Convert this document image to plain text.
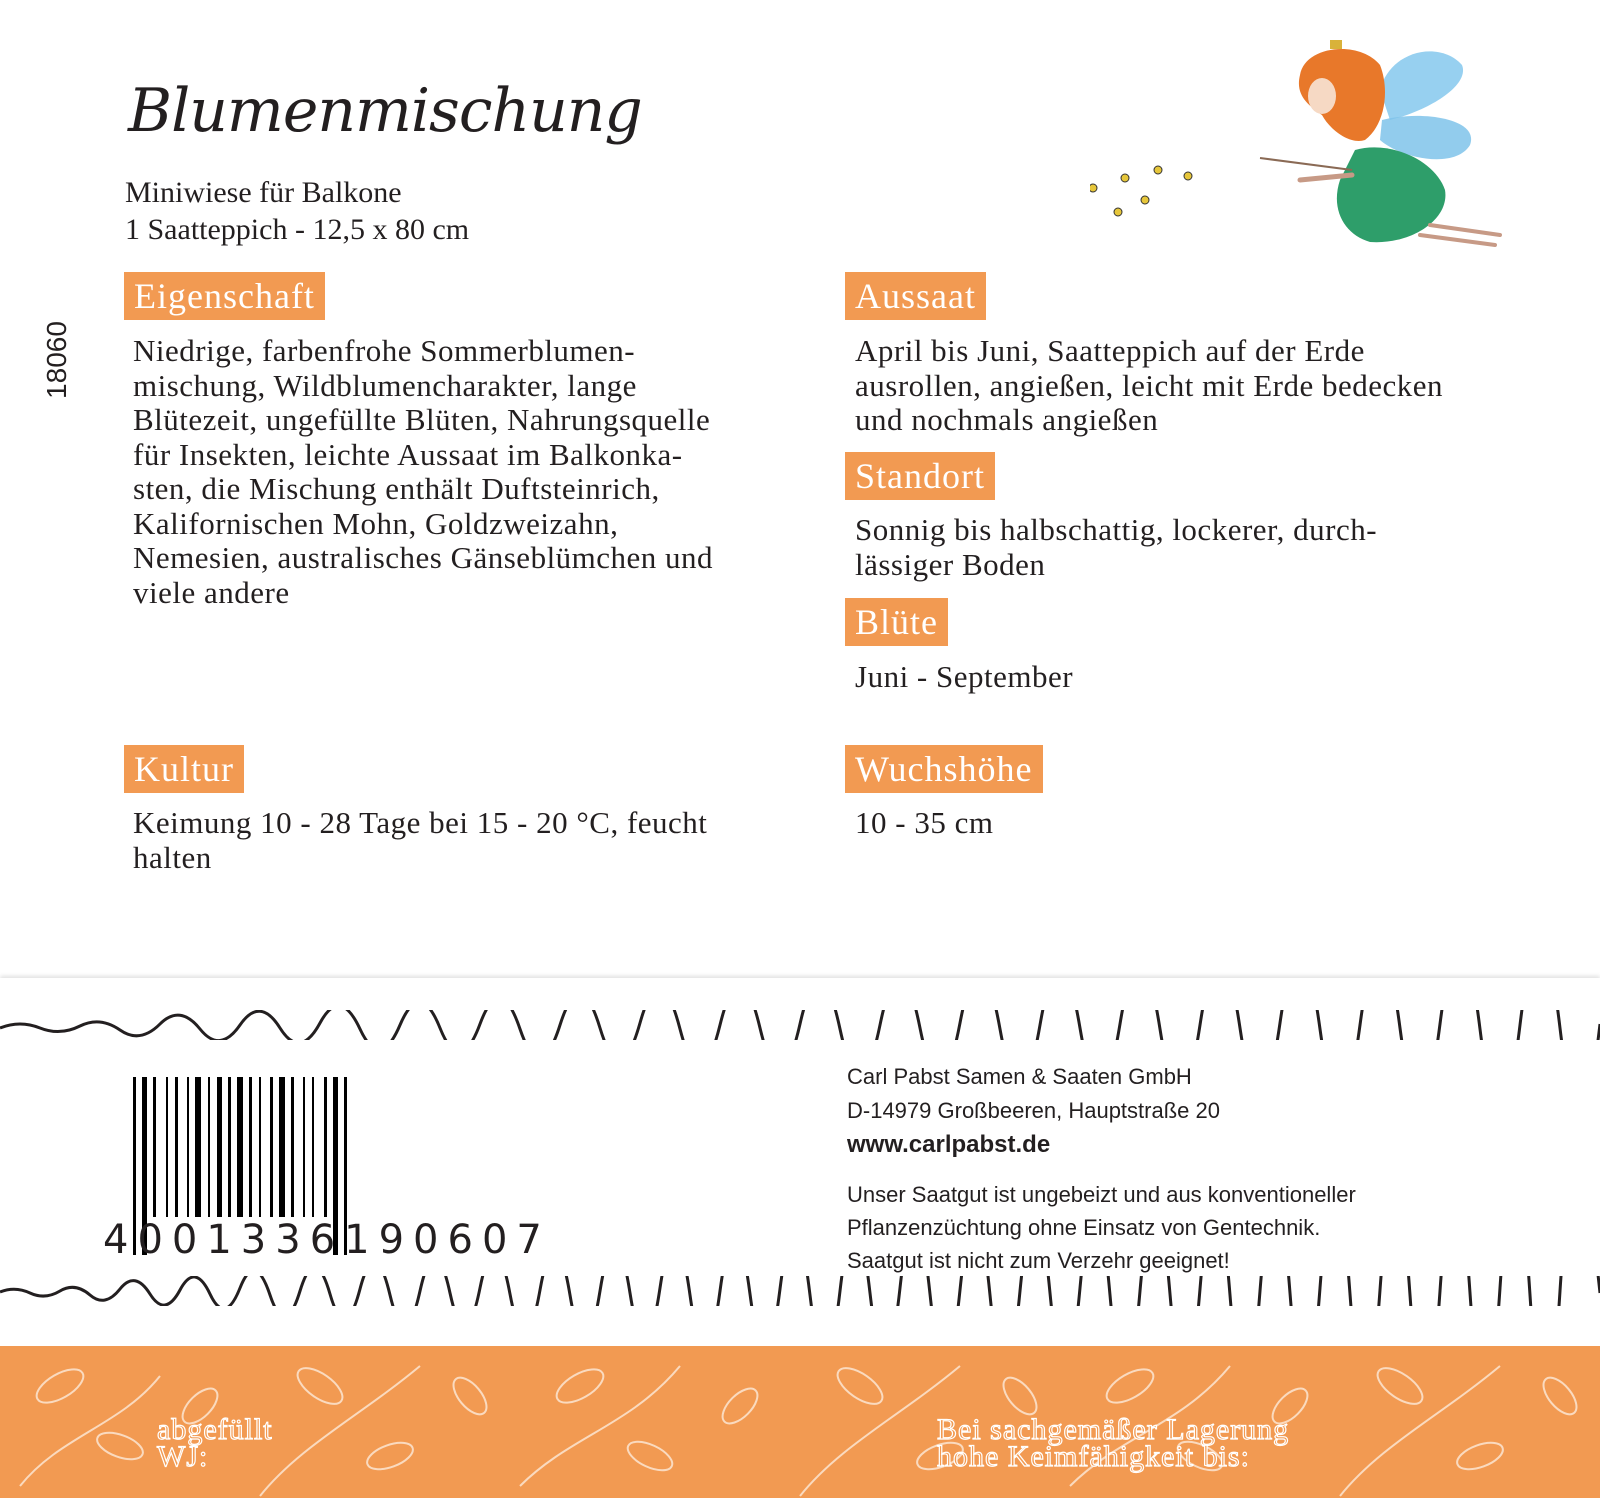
Blumenmischung
Miniwiese für Balkone
1 Saatteppich - 12,5 x 80 cm
18060
Eigenschaft
Niedrige, farbenfrohe Sommerblumen-
mischung, Wildblumencharakter, lange
Blütezeit, ungefüllte Blüten, Nahrungsquelle
für Insekten, leichte Aussaat im Balkonka-
sten, die Mischung enthält Duftsteinrich,
Kalifornischen Mohn, Goldzweizahn,
Nemesien, australisches Gänseblümchen und
viele andere
Aussaat
April bis Juni, Saatteppich auf der Erde
ausrollen, angießen, leicht mit Erde bedecken
und nochmals angießen
Standort
Sonnig bis halbschattig, lockerer, durch-
lässiger Boden
Blüte
Juni - September
Kultur
Keimung 10 - 28 Tage bei 15 - 20 °C, feucht
halten
Wuchshöhe
10 - 35 cm
4001336190607
Carl Pabst Samen & Saaten GmbH
D-14979 Großbeeren, Hauptstraße 20
www.carlpabst.de
Unser Saatgut ist ungebeizt und aus konventioneller
Pflanzenzüchtung ohne Einsatz von Gentechnik.
Saatgut ist nicht zum Verzehr geeignet!
abgefüllt
WJ:
Bei sachgemäßer Lagerung
hohe Keimfähigkeit bis:
